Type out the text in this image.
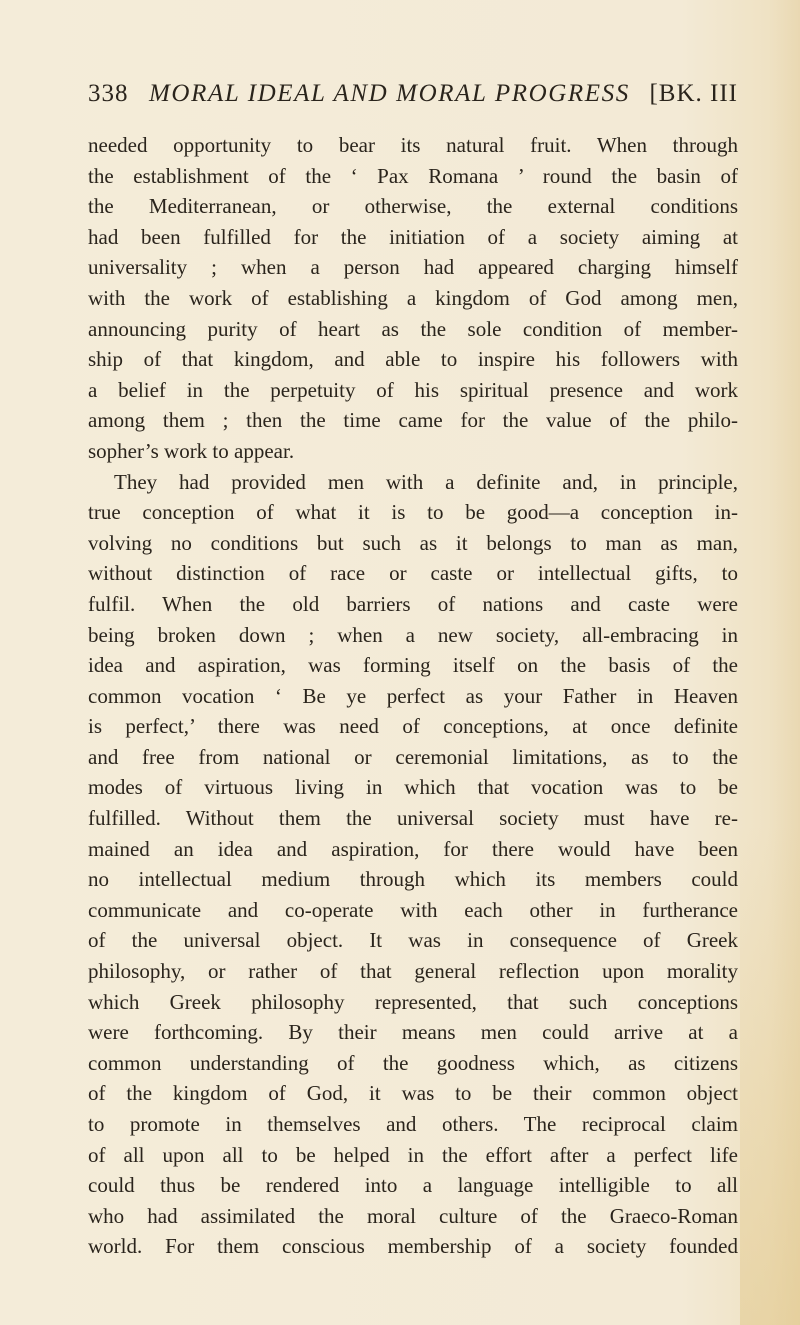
338 MORAL IDEAL AND MORAL PROGRESS [BK. III
needed opportunity to bear its natural fruit. When through
the establishment of the ‘ Pax Romana ’ round the basin of
the Mediterranean, or otherwise, the external conditions
had been fulfilled for the initiation of a society aiming at
universality ; when a person had appeared charging himself
with the work of establishing a kingdom of God among men,
announcing purity of heart as the sole condition of member-
ship of that kingdom, and able to inspire his followers with
a belief in the perpetuity of his spiritual presence and work
among them ; then the time came for the value of the philo-
sopher’s work to appear.
They had provided men with a definite and, in principle,
true conception of what it is to be good—a conception in-
volving no conditions but such as it belongs to man as man,
without distinction of race or caste or intellectual gifts, to
fulfil. When the old barriers of nations and caste were
being broken down ; when a new society, all-embracing in
idea and aspiration, was forming itself on the basis of the
common vocation ‘ Be ye perfect as your Father in Heaven
is perfect,’ there was need of conceptions, at once definite
and free from national or ceremonial limitations, as to the
modes of virtuous living in which that vocation was to be
fulfilled. Without them the universal society must have re-
mained an idea and aspiration, for there would have been
no intellectual medium through which its members could
communicate and co-operate with each other in furtherance
of the universal object. It was in consequence of Greek
philosophy, or rather of that general reflection upon morality
which Greek philosophy represented, that such conceptions
were forthcoming. By their means men could arrive at a
common understanding of the goodness which, as citizens
of the kingdom of God, it was to be their common object
to promote in themselves and others. The reciprocal claim
of all upon all to be helped in the effort after a perfect life
could thus be rendered into a language intelligible to all
who had assimilated the moral culture of the Graeco-Roman
world. For them conscious membership of a society founded
